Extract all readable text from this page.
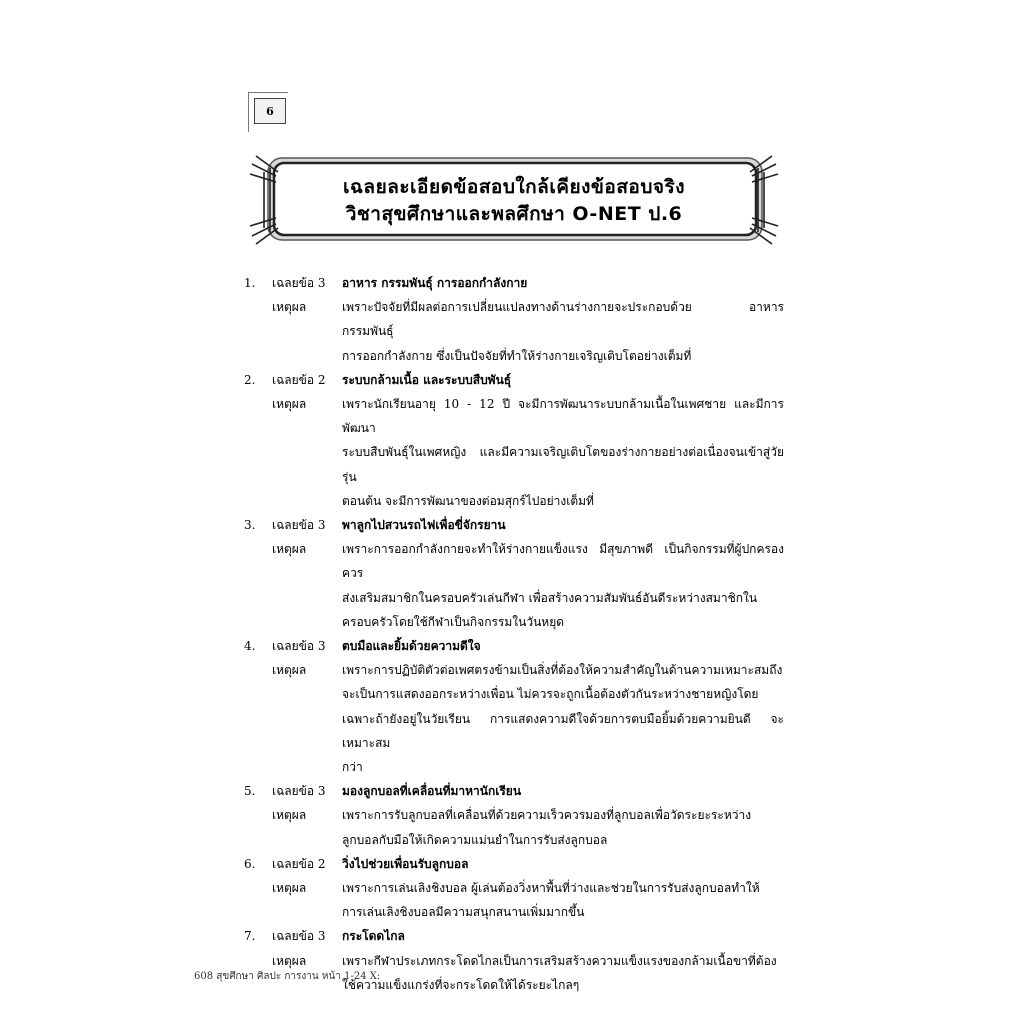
6
เฉลยละเอียดข้อสอบใกล้เคียงข้อสอบจริง
วิชาสุขศึกษาและพลศึกษา O-NET ป.6
1.	เฉลยข้อ 3	อาหาร กรรมพันธุ์ การออกกำลังกาย
เหตุผล	เพราะปัจจัยที่มีผลต่อการเปลี่ยนแปลงทางด้านร่างกายจะประกอบด้วย อาหาร กรรมพันธุ์
การออกกำลังกาย ซึ่งเป็นปัจจัยที่ทำให้ร่างกายเจริญเติบโตอย่างเต็มที่
2.	เฉลยข้อ 2	ระบบกล้ามเนื้อ และระบบสืบพันธุ์
เหตุผล	เพราะนักเรียนอายุ 10 - 12 ปี จะมีการพัฒนาระบบกล้ามเนื้อในเพศชาย และมีการพัฒนา
ระบบสืบพันธุ์ในเพศหญิง และมีความเจริญเติบโตของร่างกายอย่างต่อเนื่องจนเข้าสู่วัยรุ่น
ตอนต้น จะมีการพัฒนาของต่อมสุกร์ไปอย่างเต็มที่
3.	เฉลยข้อ 3	พาลูกไปสวนรถไฟเพื่อขี่จักรยาน
เหตุผล	เพราะการออกกำลังกายจะทำให้ร่างกายแข็งแรง มีสุขภาพดี เป็นกิจกรรมที่ผู้ปกครองควร
ส่งเสริมสมาชิกในครอบครัวเล่นกีฬา เพื่อสร้างความสัมพันธ์อันดีระหว่างสมาชิกใน
ครอบครัวโดยใช้กีฬาเป็นกิจกรรมในวันหยุด
4.	เฉลยข้อ 3	ตบมือและยิ้มด้วยความดีใจ
เหตุผล	เพราะการปฏิบัติตัวต่อเพศตรงข้ามเป็นสิ่งที่ต้องให้ความสำคัญในด้านความเหมาะสมถึง
จะเป็นการแสดงออกระหว่างเพื่อน ไม่ควรจะถูกเนื้อต้องตัวกันระหว่างชายหญิงโดย
เฉพาะถ้ายังอยู่ในวัยเรียน การแสดงความดีใจด้วยการตบมือยิ้มด้วยความยินดี จะเหมาะสม
กว่า
5.	เฉลยข้อ 3	มองลูกบอลที่เคลื่อนที่มาหานักเรียน
เหตุผล	เพราะการรับลูกบอลที่เคลื่อนที่ด้วยความเร็วควรมองที่ลูกบอลเพื่อวัดระยะระหว่าง
ลูกบอลกับมือให้เกิดความแม่นยำในการรับส่งลูกบอล
6.	เฉลยข้อ 2	วิ่งไปช่วยเพื่อนรับลูกบอล
เหตุผล	เพราะการเล่นเลิงชิงบอล ผู้เล่นต้องวิ่งหาพื้นที่ว่างและช่วยในการรับส่งลูกบอลทำให้
การเล่นเลิงชิงบอลมีความสนุกสนานเพิ่มมากขึ้น
7.	เฉลยข้อ 3	กระโดดไกล
เหตุผล	เพราะกีฬาประเภทกระโดดไกลเป็นการเสริมสร้างความแข็งแรงของกล้ามเนื้อขาที่ต้อง
ใช้ความแข็งแกร่งที่จะกระโดดให้ได้ระยะไกลๆ
608 สุขศึกษา ศิลปะ การงาน หน้า 1-24 X:
